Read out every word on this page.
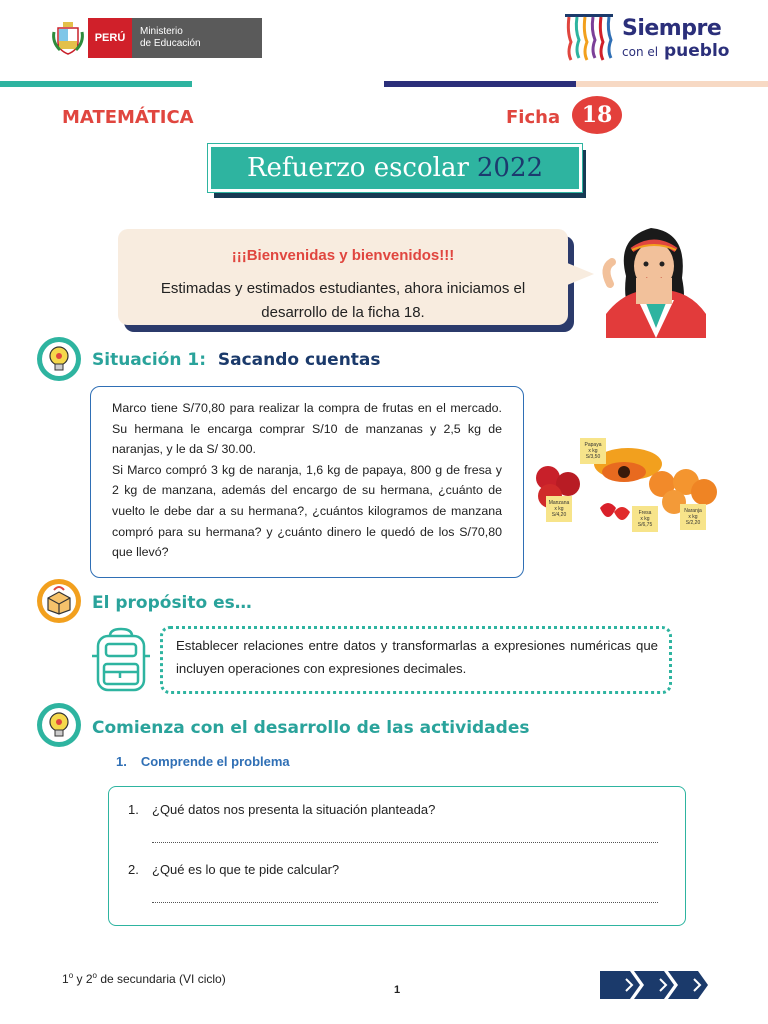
PERÚ
Ministerio
de Educación
Siempre
con el pueblo
MATEMÁTICA	Ficha 18
Refuerzo escolar 2022
¡¡¡Bienvenidas y bienvenidos!!!
Estimadas y estimados estudiantes, ahora iniciamos el
desarrollo de la ficha 18.
Situación 1: Sacando cuentas

Marco tiene S/70,80 para realizar la compra de frutas en el mercado. Su hermana le encarga comprar S/10 de manzanas y 2,5 kg de naranjas, y le da S/ 30.00.

Si Marco compró 3 kg de naranja, 1,6 kg de papaya, 800 g de fresa y 2 kg de manzana, además del encargo de su hermana, ¿cuánto de vuelto le debe dar a su hermana?, ¿cuántos kilogramos de manzana compró para su hermana? y ¿cuánto dinero le quedó de los S/70,80 que llevó?

Papaya
x kg
S/3,50
Manzana
x kg
S/4,20	Fresa
x kg
S/6,75
Naranja
x kg
S/2,20
El propósito es…
Establecer relaciones entre datos y transformarlas a expresiones numéricas que incluyen operaciones con expresiones decimales.
Comienza con el desarrollo de las actividades
1. Comprende el problema
1. ¿Qué datos nos presenta la situación planteada?
2. ¿Qué es lo que te pide calcular?
1$^o$ y 2$^o$ de secundaria (VI ciclo)
1
